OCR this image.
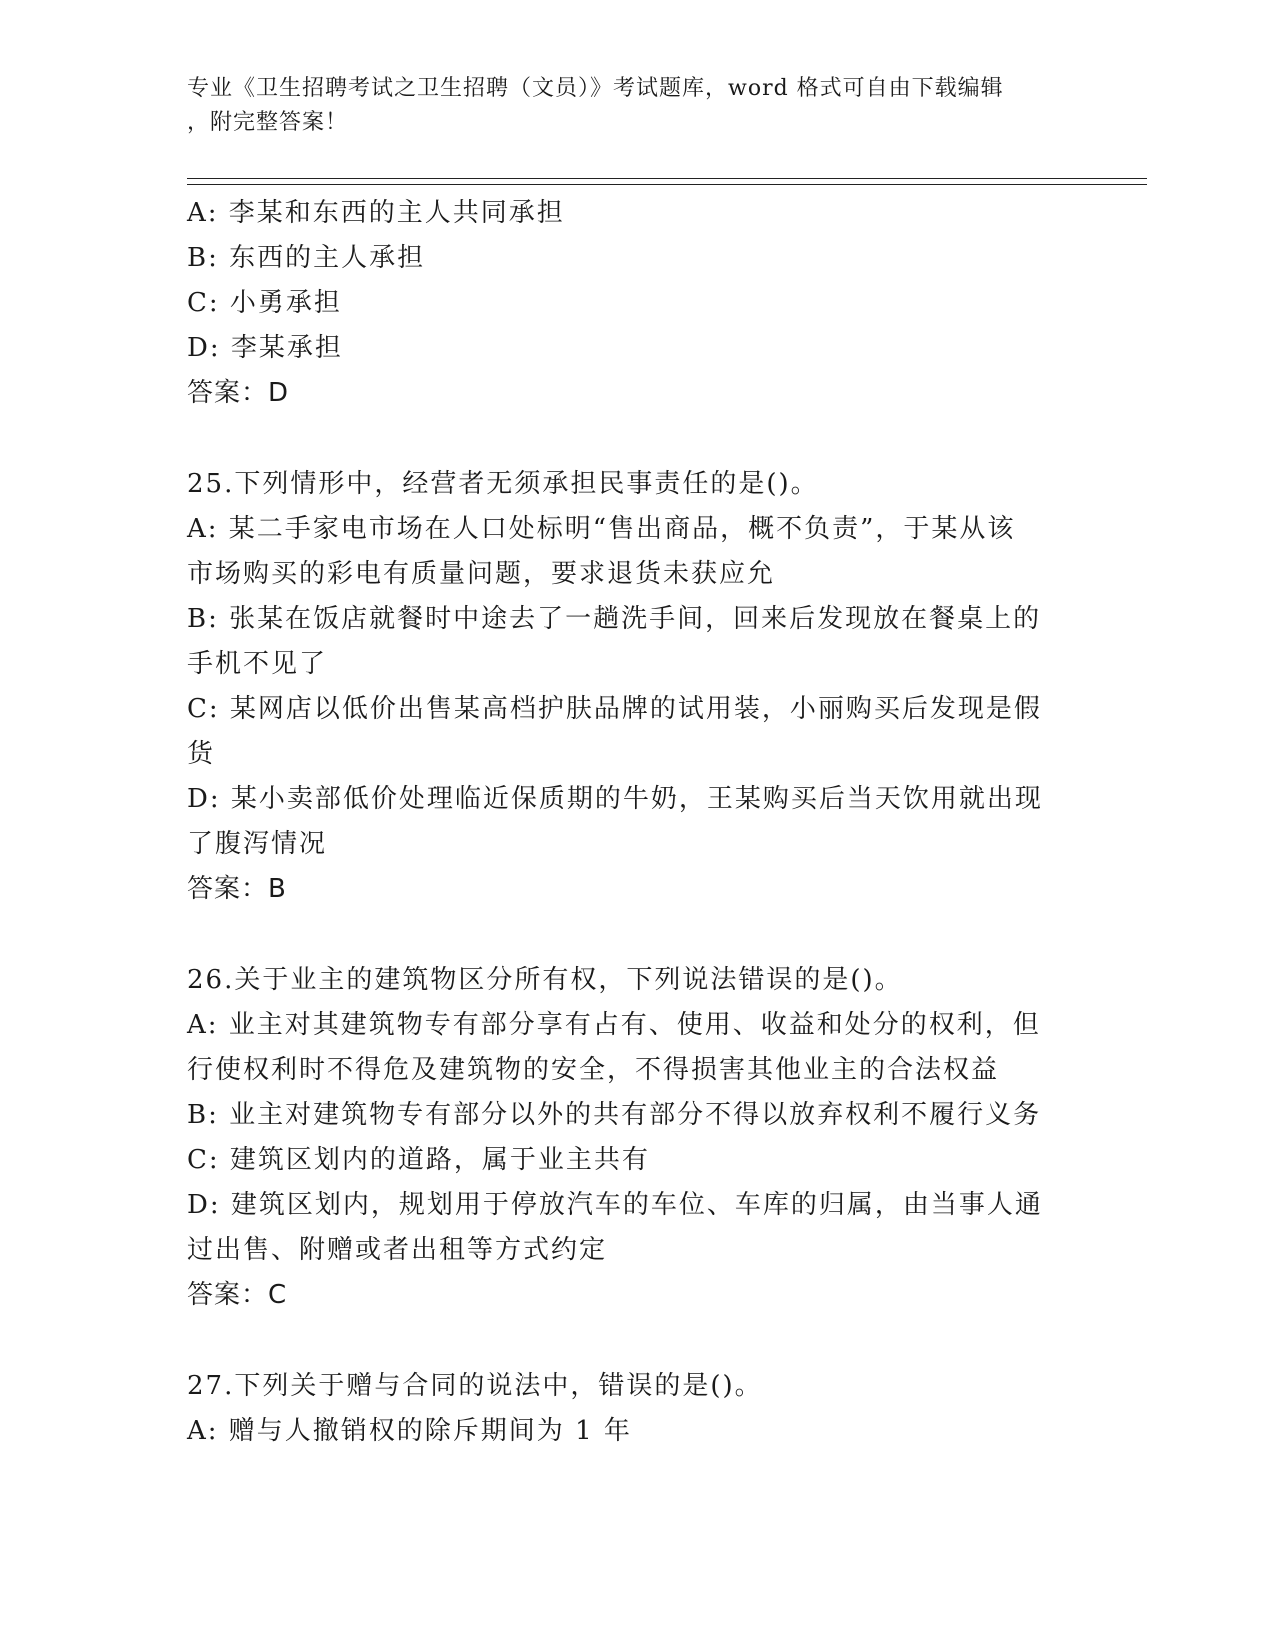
专业《卫生招聘考试之卫生招聘（文员）》考试题库，word 格式可自由下载编辑
，附完整答案！
A: 李某和东西的主人共同承担
B: 东西的主人承担
C: 小勇承担
D: 李某承担
答案：D
25.下列情形中，经营者无须承担民事责任的是()。
A: 某二手家电市场在人口处标明“售出商品，概不负责”，于某从该
市场购买的彩电有质量问题，要求退货未获应允
B: 张某在饭店就餐时中途去了一趟洗手间，回来后发现放在餐桌上的
手机不见了
C: 某网店以低价出售某高档护肤品牌的试用装，小丽购买后发现是假
货
D: 某小卖部低价处理临近保质期的牛奶，王某购买后当天饮用就出现
了腹泻情况
答案：B
26.关于业主的建筑物区分所有权，下列说法错误的是()。
A: 业主对其建筑物专有部分享有占有、使用、收益和处分的权利，但
行使权利时不得危及建筑物的安全，不得损害其他业主的合法权益
B: 业主对建筑物专有部分以外的共有部分不得以放弃权利不履行义务
C: 建筑区划内的道路，属于业主共有
D: 建筑区划内，规划用于停放汽车的车位、车库的归属，由当事人通
过出售、附赠或者出租等方式约定
答案：C
27.下列关于赠与合同的说法中，错误的是()。
A: 赠与人撤销权的除斥期间为 1 年
